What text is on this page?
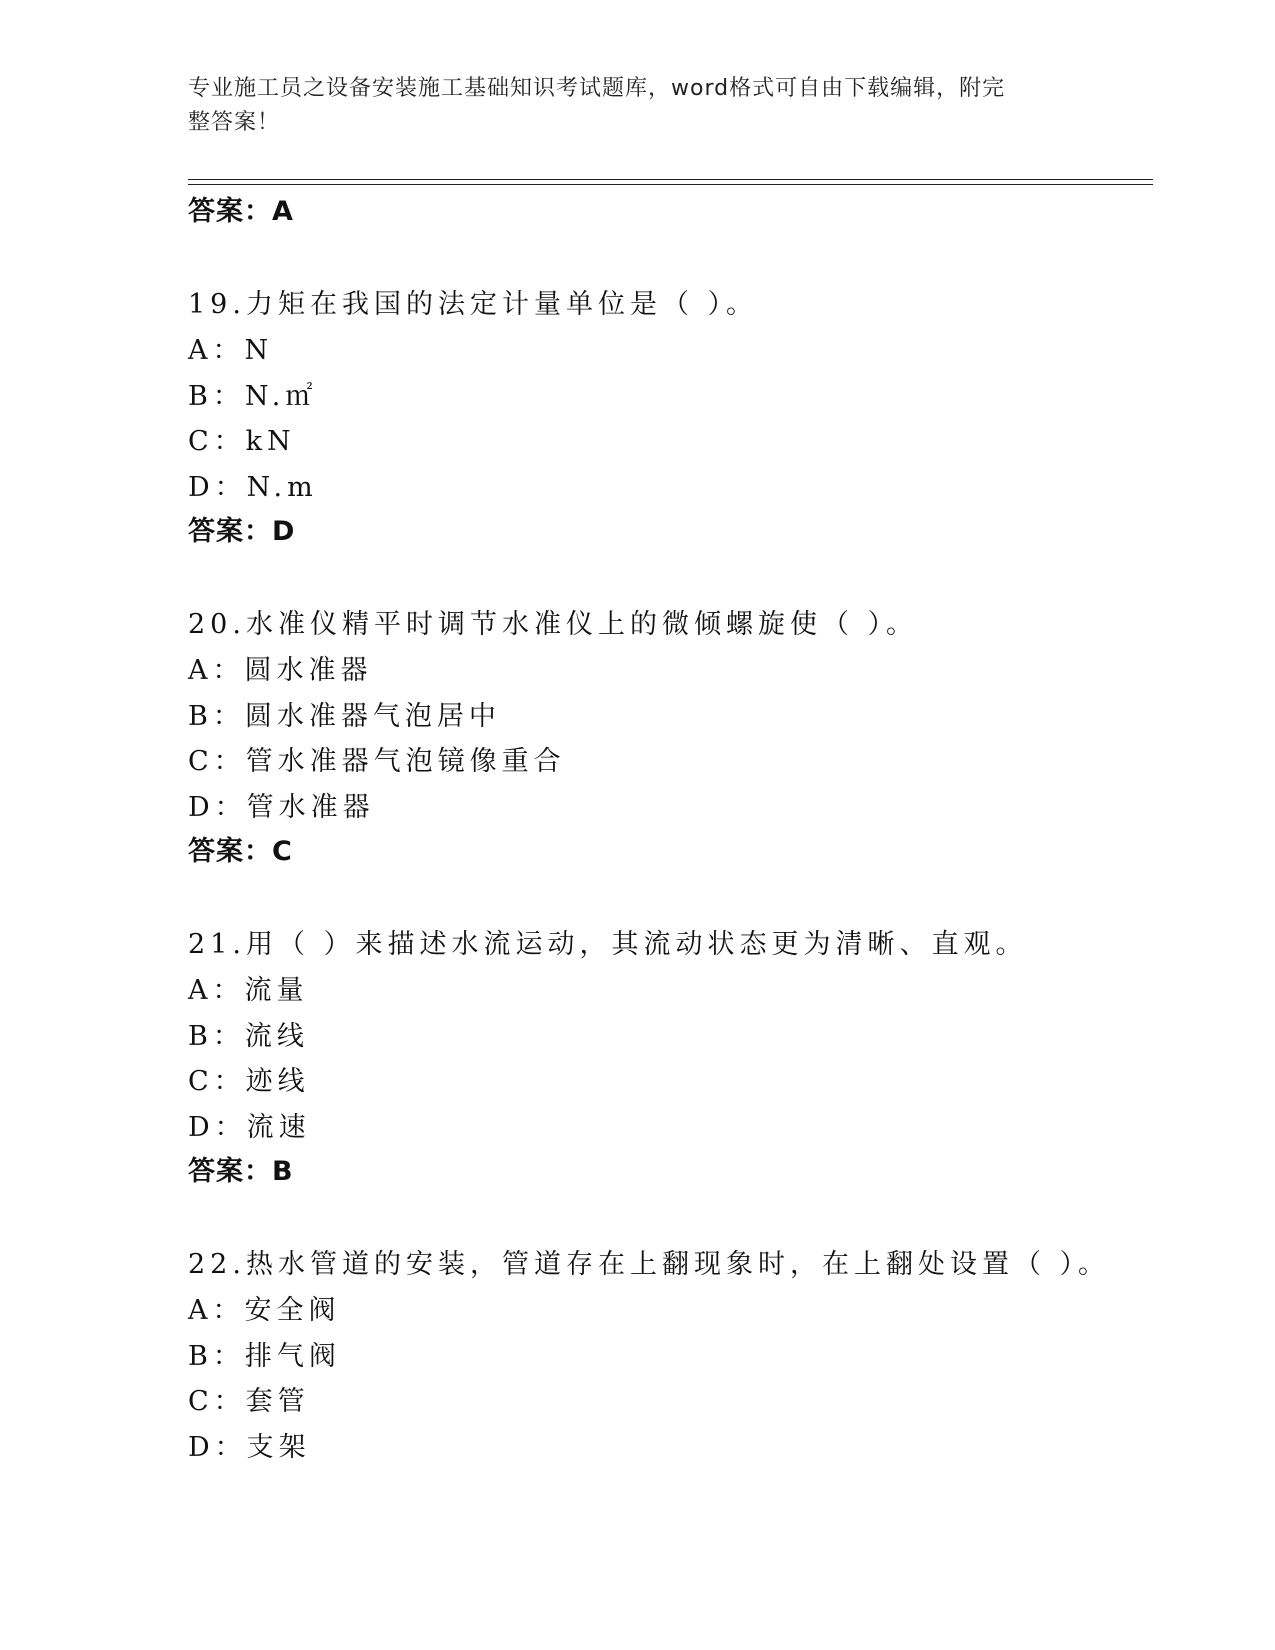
专业施工员之设备安装施工基础知识考试题库，word格式可自由下载编辑，附完
整答案！
答案：A
19.力矩在我国的法定计量单位是（ ）。
A：N
B：N.㎡
C：kN
D：N.m
答案：D
20.水准仪精平时调节水准仪上的微倾螺旋使（ ）。
A：圆水准器
B：圆水准器气泡居中
C：管水准器气泡镜像重合
D：管水准器
答案：C
21.用（ ）来描述水流运动，其流动状态更为清晰、直观。
A：流量
B：流线
C：迹线
D：流速
答案：B
22.热水管道的安装，管道存在上翻现象时，在上翻处设置（ ）。
A：安全阀
B：排气阀
C：套管
D：支架
